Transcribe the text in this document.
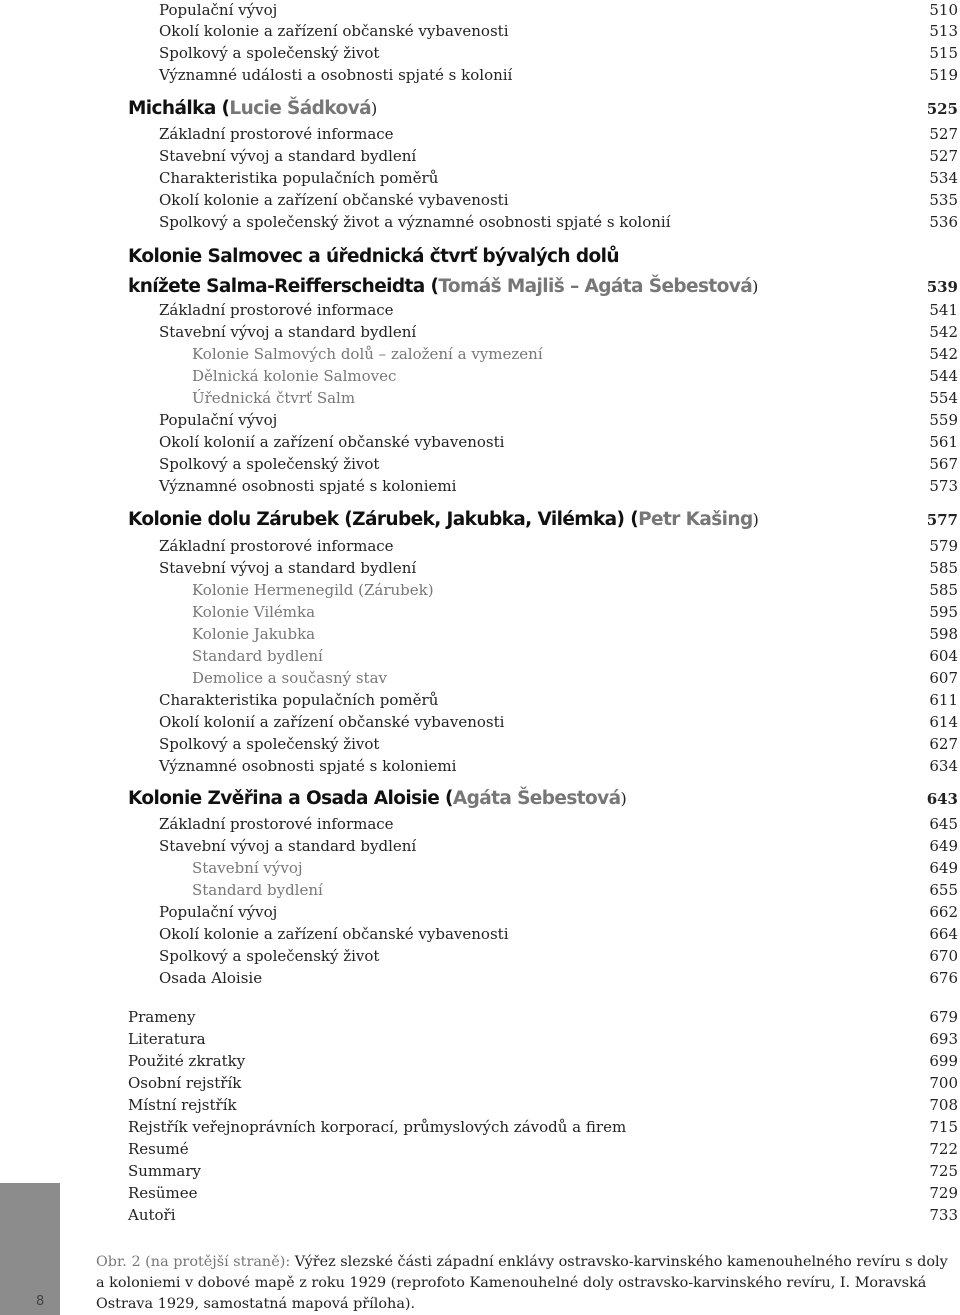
Populační vývoj	510
Okolí kolonie a zařízení občanské vybavenosti	513
Spolkový a společenský život	515
Významné události a osobnosti spjaté s kolonií	519
Michálka (Lucie Šádková)	525
Základní prostorové informace	527
Stavební vývoj a standard bydlení	527
Charakteristika populačních poměrů	534
Okolí kolonie a zařízení občanské vybavenosti	535
Spolkový a společenský život a významné osobnosti spjaté s kolonií	536
Kolonie Salmovec a úřednická čtvrť bývalých dolů
knížete Salma-Reifferscheidta (Tomáš Majliš – Agáta Šebestová)	539
Základní prostorové informace	541
Stavební vývoj a standard bydlení	542
Kolonie Salmových dolů – založení a vymezení	542
Dělnická kolonie Salmovec	544
Úřednická čtvrť Salm	554
Populační vývoj	559
Okolí kolonií a zařízení občanské vybavenosti	561
Spolkový a společenský život	567
Významné osobnosti spjaté s koloniemi	573
Kolonie dolu Zárubek (Zárubek, Jakubka, Vilémka) (Petr Kašing)	577
Základní prostorové informace	579
Stavební vývoj a standard bydlení	585
Kolonie Hermenegild (Zárubek)	585
Kolonie Vilémka	595
Kolonie Jakubka	598
Standard bydlení	604
Demolice a současný stav	607
Charakteristika populačních poměrů	611
Okolí kolonií a zařízení občanské vybavenosti	614
Spolkový a společenský život	627
Významné osobnosti spjaté s koloniemi	634
Kolonie Zvěřina a Osada Aloisie (Agáta Šebestová)	643
Základní prostorové informace	645
Stavební vývoj a standard bydlení	649
Stavební vývoj	649
Standard bydlení	655
Populační vývoj	662
Okolí kolonie a zařízení občanské vybavenosti	664
Spolkový a společenský život	670
Osada Aloisie	676
Prameny	679
Literatura	693
Použité zkratky	699
Osobní rejstřík	700
Místní rejstřík	708
Rejstřík veřejnoprávních korporací, průmyslových závodů a firem	715
Resumé	722
Summary	725
Resümee	729
Autoři	733
Obr. 2 (na protější straně): Výřez slezské části západní enklávy ostravsko-karvinského kamenouhelného revíru s doly a koloniemi v dobové mapě z roku 1929 (reprofoto Kamenouhelné doly ostravsko-karvinského revíru, I. Moravská Ostrava 1929, samostatná mapová příloha).
8
